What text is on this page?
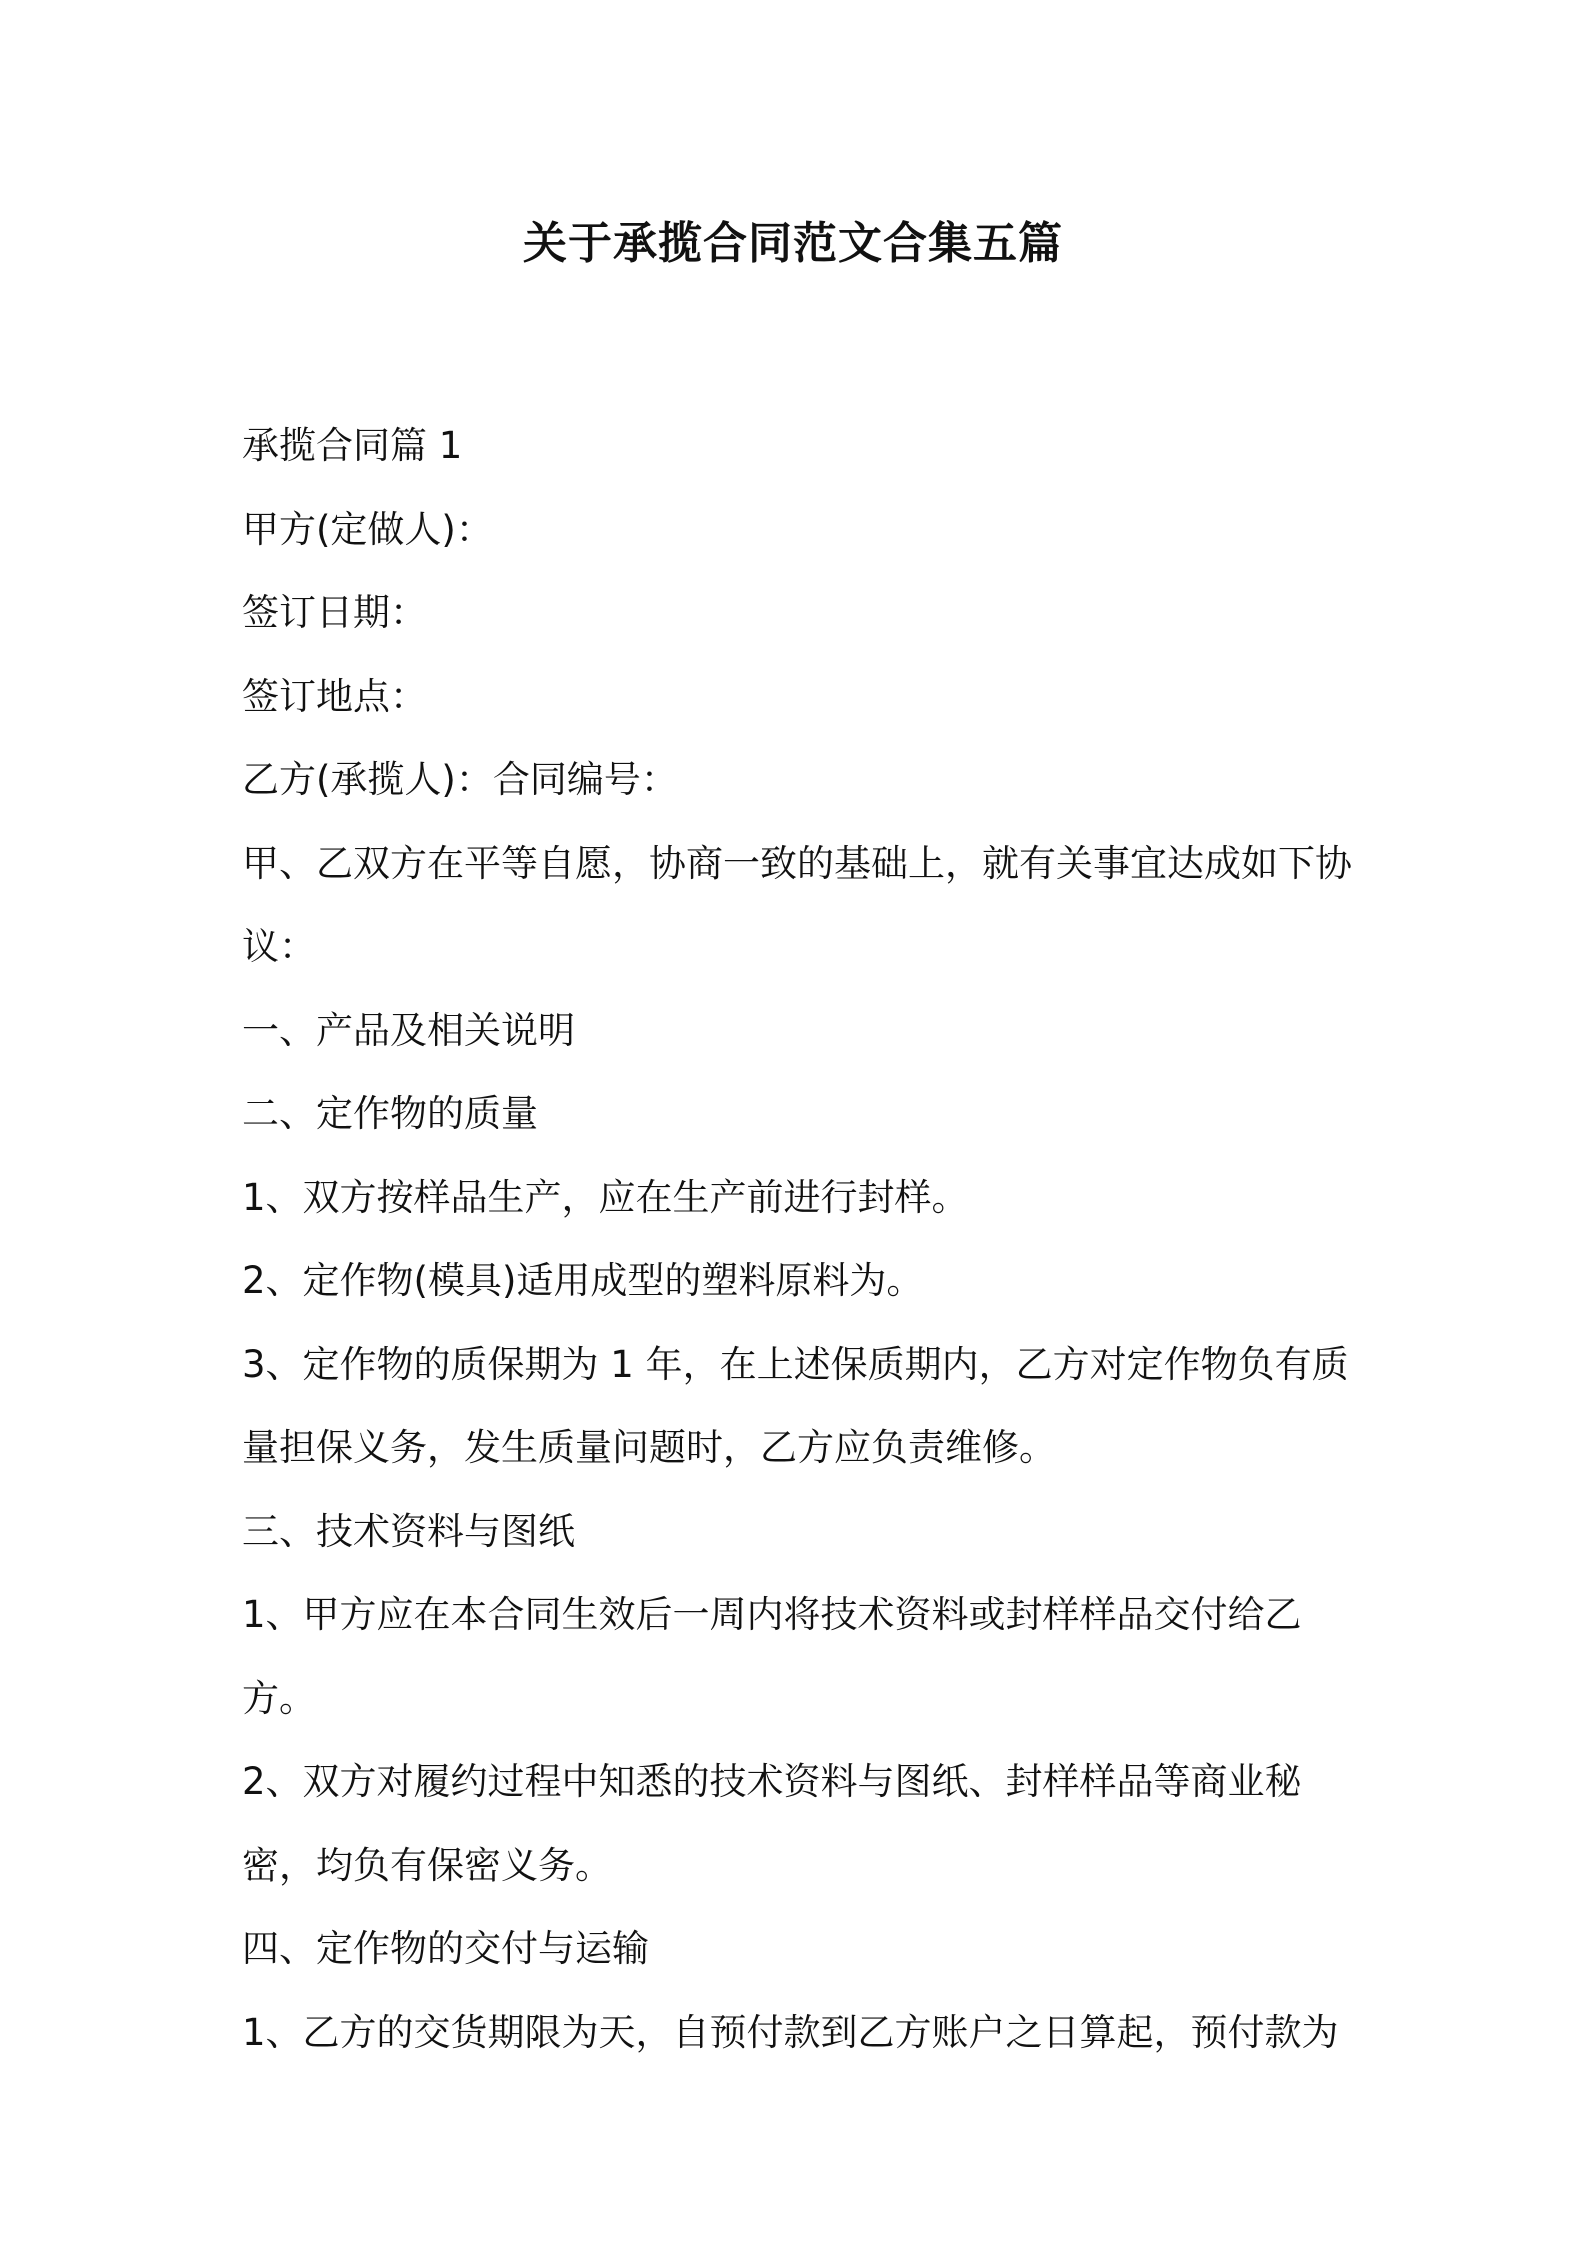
关于承揽合同范文合集五篇

承揽合同篇 1

甲方(定做人)：

签订日期：

签订地点：

乙方(承揽人)：合同编号：

甲、乙双方在平等自愿，协商一致的基础上，就有关事宜达成如下协议：

一、产品及相关说明

二、定作物的质量

1、双方按样品生产，应在生产前进行封样。

2、定作物(模具)适用成型的塑料原料为。

3、定作物的质保期为 1 年，在上述保质期内，乙方对定作物负有质量担保义务，发生质量问题时，乙方应负责维修。

三、技术资料与图纸

1、甲方应在本合同生效后一周内将技术资料或封样样品交付给乙方。

2、双方对履约过程中知悉的技术资料与图纸、封样样品等商业秘密，均负有保密义务。

四、定作物的交付与运输

1、乙方的交货期限为天，自预付款到乙方账户之日算起，预付款为
